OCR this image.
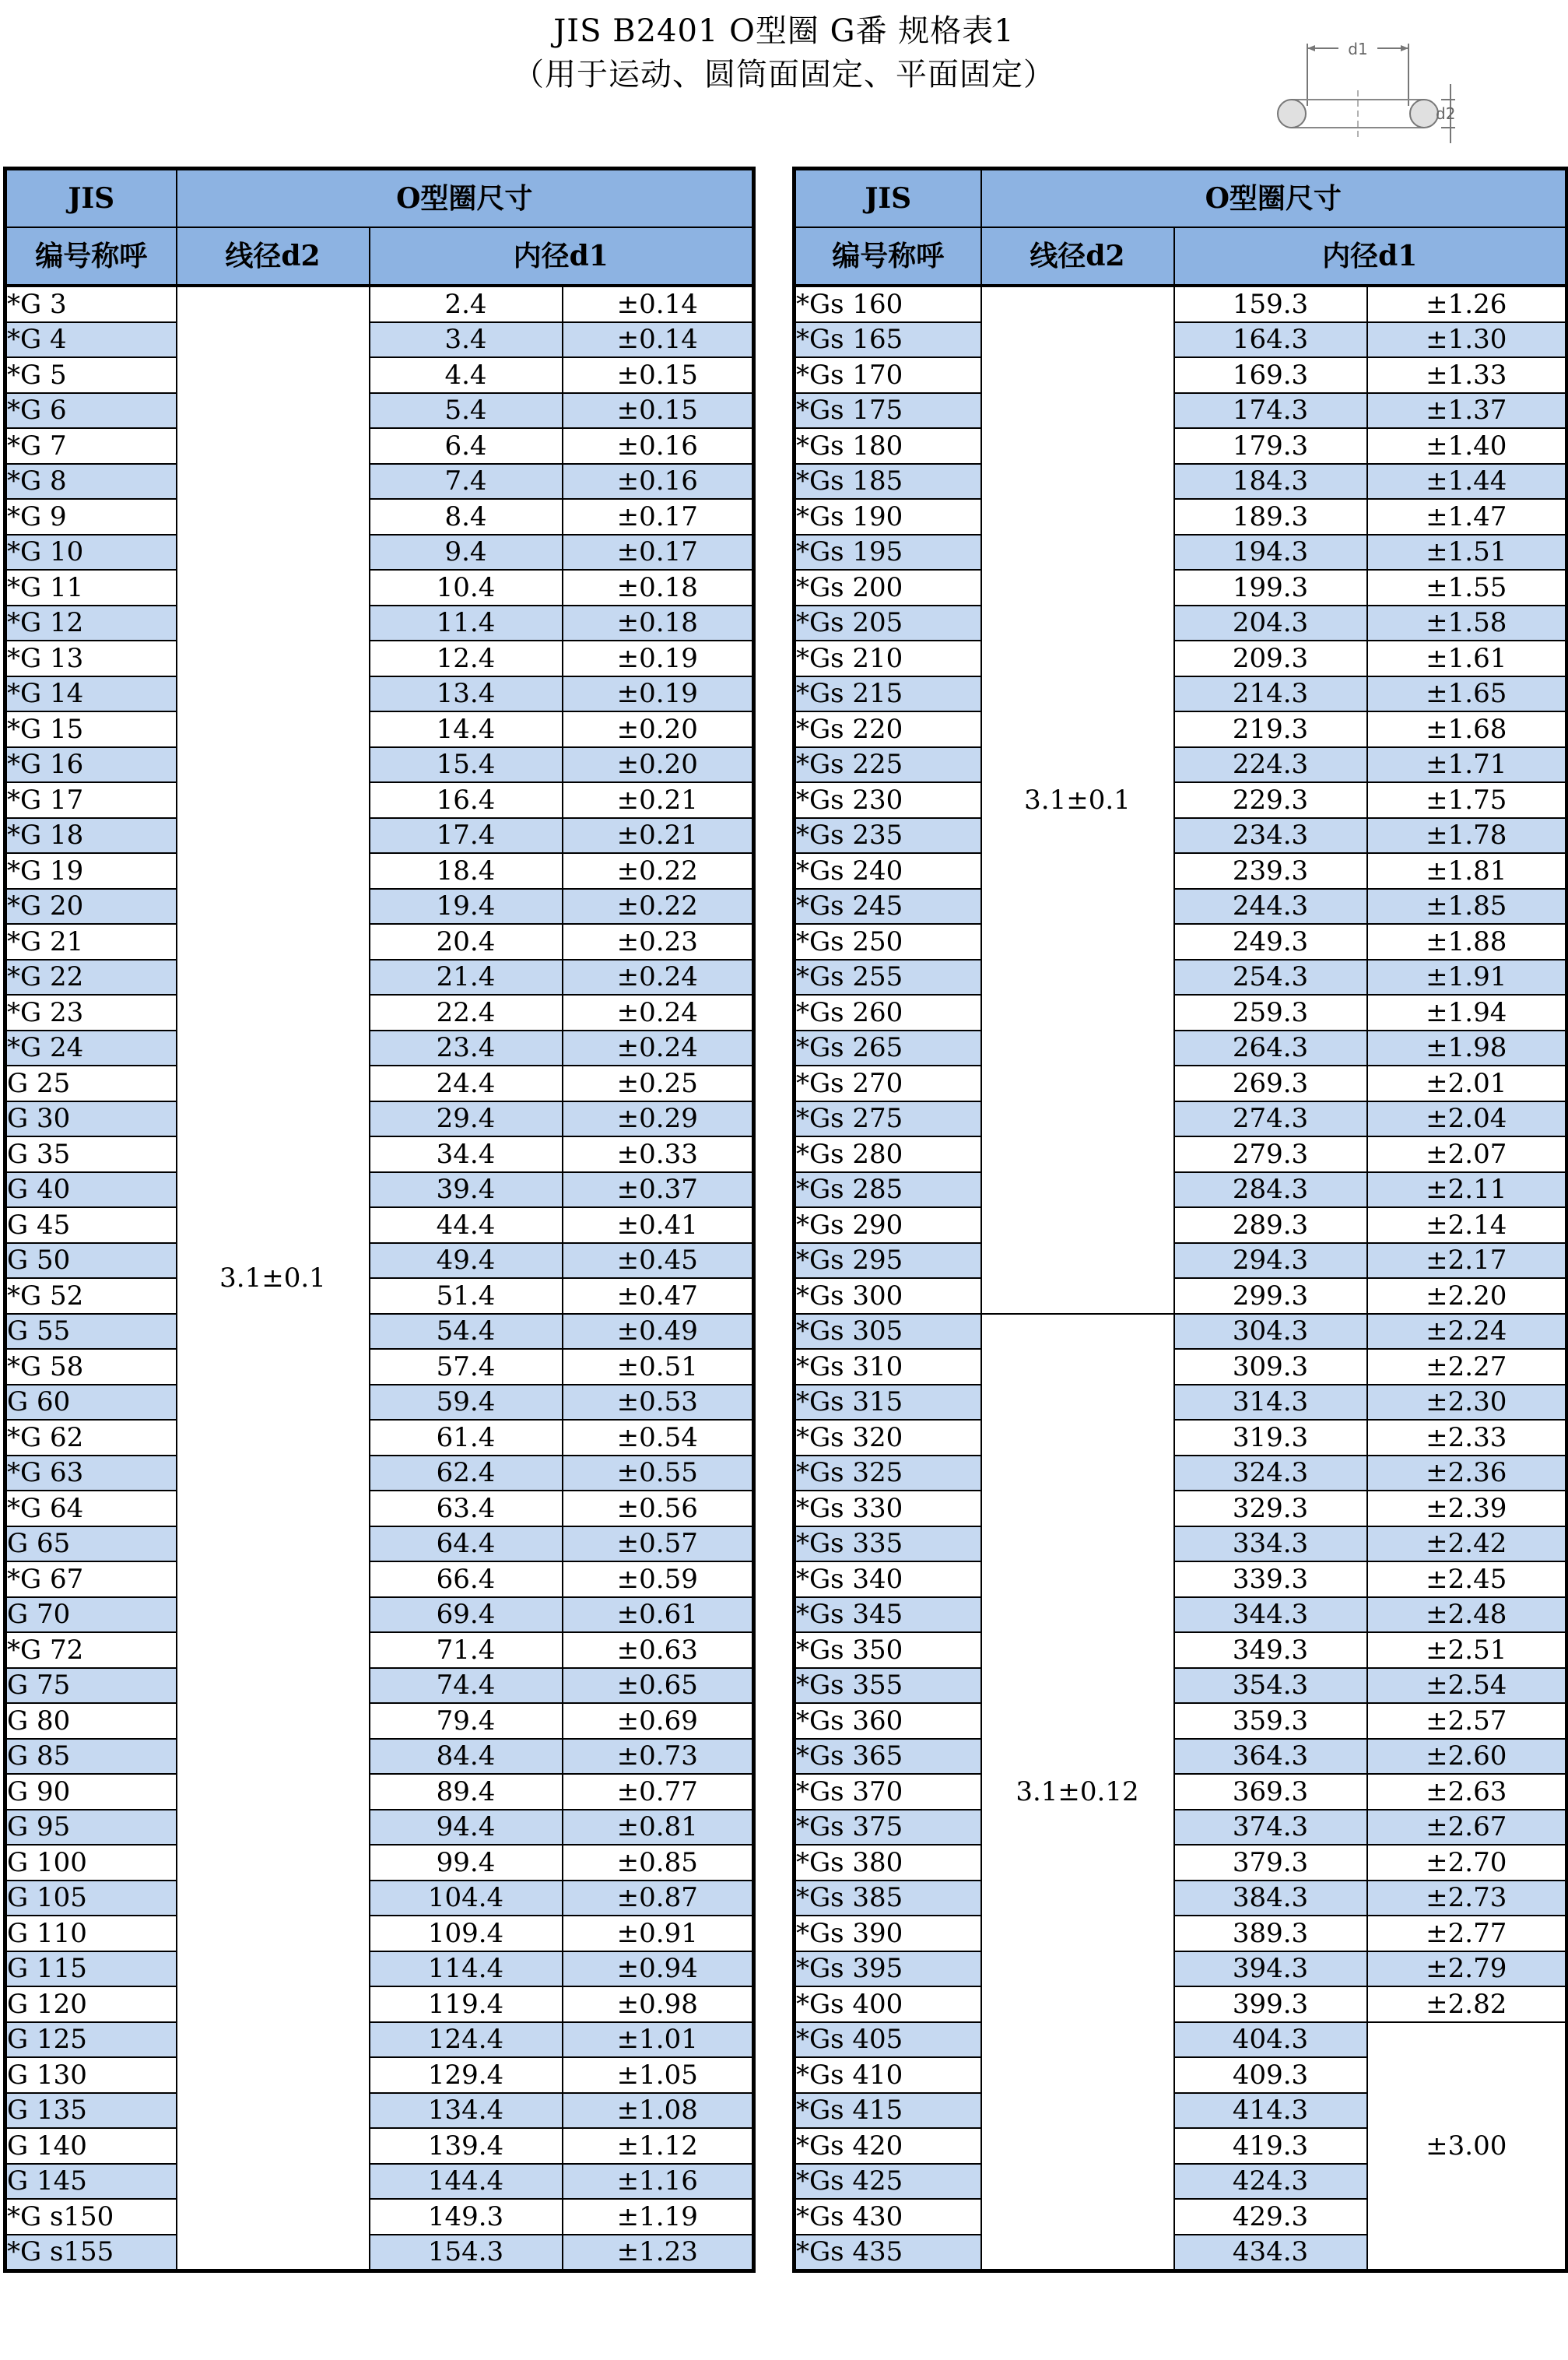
JIS B2401 O型圈 G番 规格表1
（用于运动、圆筒面固定、平面固定）
d1
d2
JIS	O型圈尺寸		
编号称呼	线径d2	内径d1	
*G 3	3.1±0.1	2.4	±0.14
*G 4		3.4	±0.14
*G 5		4.4	±0.15
*G 6		5.4	±0.15
*G 7		6.4	±0.16
*G 8		7.4	±0.16
*G 9		8.4	±0.17
*G 10		9.4	±0.17
*G 11		10.4	±0.18
*G 12		11.4	±0.18
*G 13		12.4	±0.19
*G 14		13.4	±0.19
*G 15		14.4	±0.20
*G 16		15.4	±0.20
*G 17		16.4	±0.21
*G 18		17.4	±0.21
*G 19		18.4	±0.22
*G 20		19.4	±0.22
*G 21		20.4	±0.23
*G 22		21.4	±0.24
*G 23		22.4	±0.24
*G 24		23.4	±0.24
G 25		24.4	±0.25
G 30		29.4	±0.29
G 35		34.4	±0.33
G 40		39.4	±0.37
G 45		44.4	±0.41
G 50		49.4	±0.45
*G 52		51.4	±0.47
G 55		54.4	±0.49
*G 58		57.4	±0.51
G 60		59.4	±0.53
*G 62		61.4	±0.54
*G 63		62.4	±0.55
*G 64		63.4	±0.56
G 65		64.4	±0.57
*G 67		66.4	±0.59
G 70		69.4	±0.61
*G 72		71.4	±0.63
G 75		74.4	±0.65
G 80		79.4	±0.69
G 85		84.4	±0.73
G 90		89.4	±0.77
G 95		94.4	±0.81
G 100		99.4	±0.85
G 105		104.4	±0.87
G 110		109.4	±0.91
G 115		114.4	±0.94
G 120		119.4	±0.98
G 125		124.4	±1.01
G 130		129.4	±1.05
G 135		134.4	±1.08
G 140		139.4	±1.12
G 145		144.4	±1.16
*G s150		149.3	±1.19
*G s155		154.3	±1.23
JIS	O型圈尺寸		
编号称呼	线径d2	内径d1	
*Gs 160	3.1±0.1	159.3	±1.26
*Gs 165		164.3	±1.30
*Gs 170		169.3	±1.33
*Gs 175		174.3	±1.37
*Gs 180		179.3	±1.40
*Gs 185		184.3	±1.44
*Gs 190		189.3	±1.47
*Gs 195		194.3	±1.51
*Gs 200		199.3	±1.55
*Gs 205		204.3	±1.58
*Gs 210		209.3	±1.61
*Gs 215		214.3	±1.65
*Gs 220		219.3	±1.68
*Gs 225		224.3	±1.71
*Gs 230		229.3	±1.75
*Gs 235		234.3	±1.78
*Gs 240		239.3	±1.81
*Gs 245		244.3	±1.85
*Gs 250		249.3	±1.88
*Gs 255		254.3	±1.91
*Gs 260		259.3	±1.94
*Gs 265		264.3	±1.98
*Gs 270		269.3	±2.01
*Gs 275		274.3	±2.04
*Gs 280		279.3	±2.07
*Gs 285		284.3	±2.11
*Gs 290		289.3	±2.14
*Gs 295		294.3	±2.17
*Gs 300		299.3	±2.20
*Gs 305	3.1±0.12	304.3	±2.24
*Gs 310		309.3	±2.27
*Gs 315		314.3	±2.30
*Gs 320		319.3	±2.33
*Gs 325		324.3	±2.36
*Gs 330		329.3	±2.39
*Gs 335		334.3	±2.42
*Gs 340		339.3	±2.45
*Gs 345		344.3	±2.48
*Gs 350		349.3	±2.51
*Gs 355		354.3	±2.54
*Gs 360		359.3	±2.57
*Gs 365		364.3	±2.60
*Gs 370		369.3	±2.63
*Gs 375		374.3	±2.67
*Gs 380		379.3	±2.70
*Gs 385		384.3	±2.73
*Gs 390		389.3	±2.77
*Gs 395		394.3	±2.79
*Gs 400		399.3	±2.82
*Gs 405		404.3	±3.00
*Gs 410		409.3	
*Gs 415		414.3	
*Gs 420		419.3	
*Gs 425		424.3	
*Gs 430		429.3	
*Gs 435		434.3	
